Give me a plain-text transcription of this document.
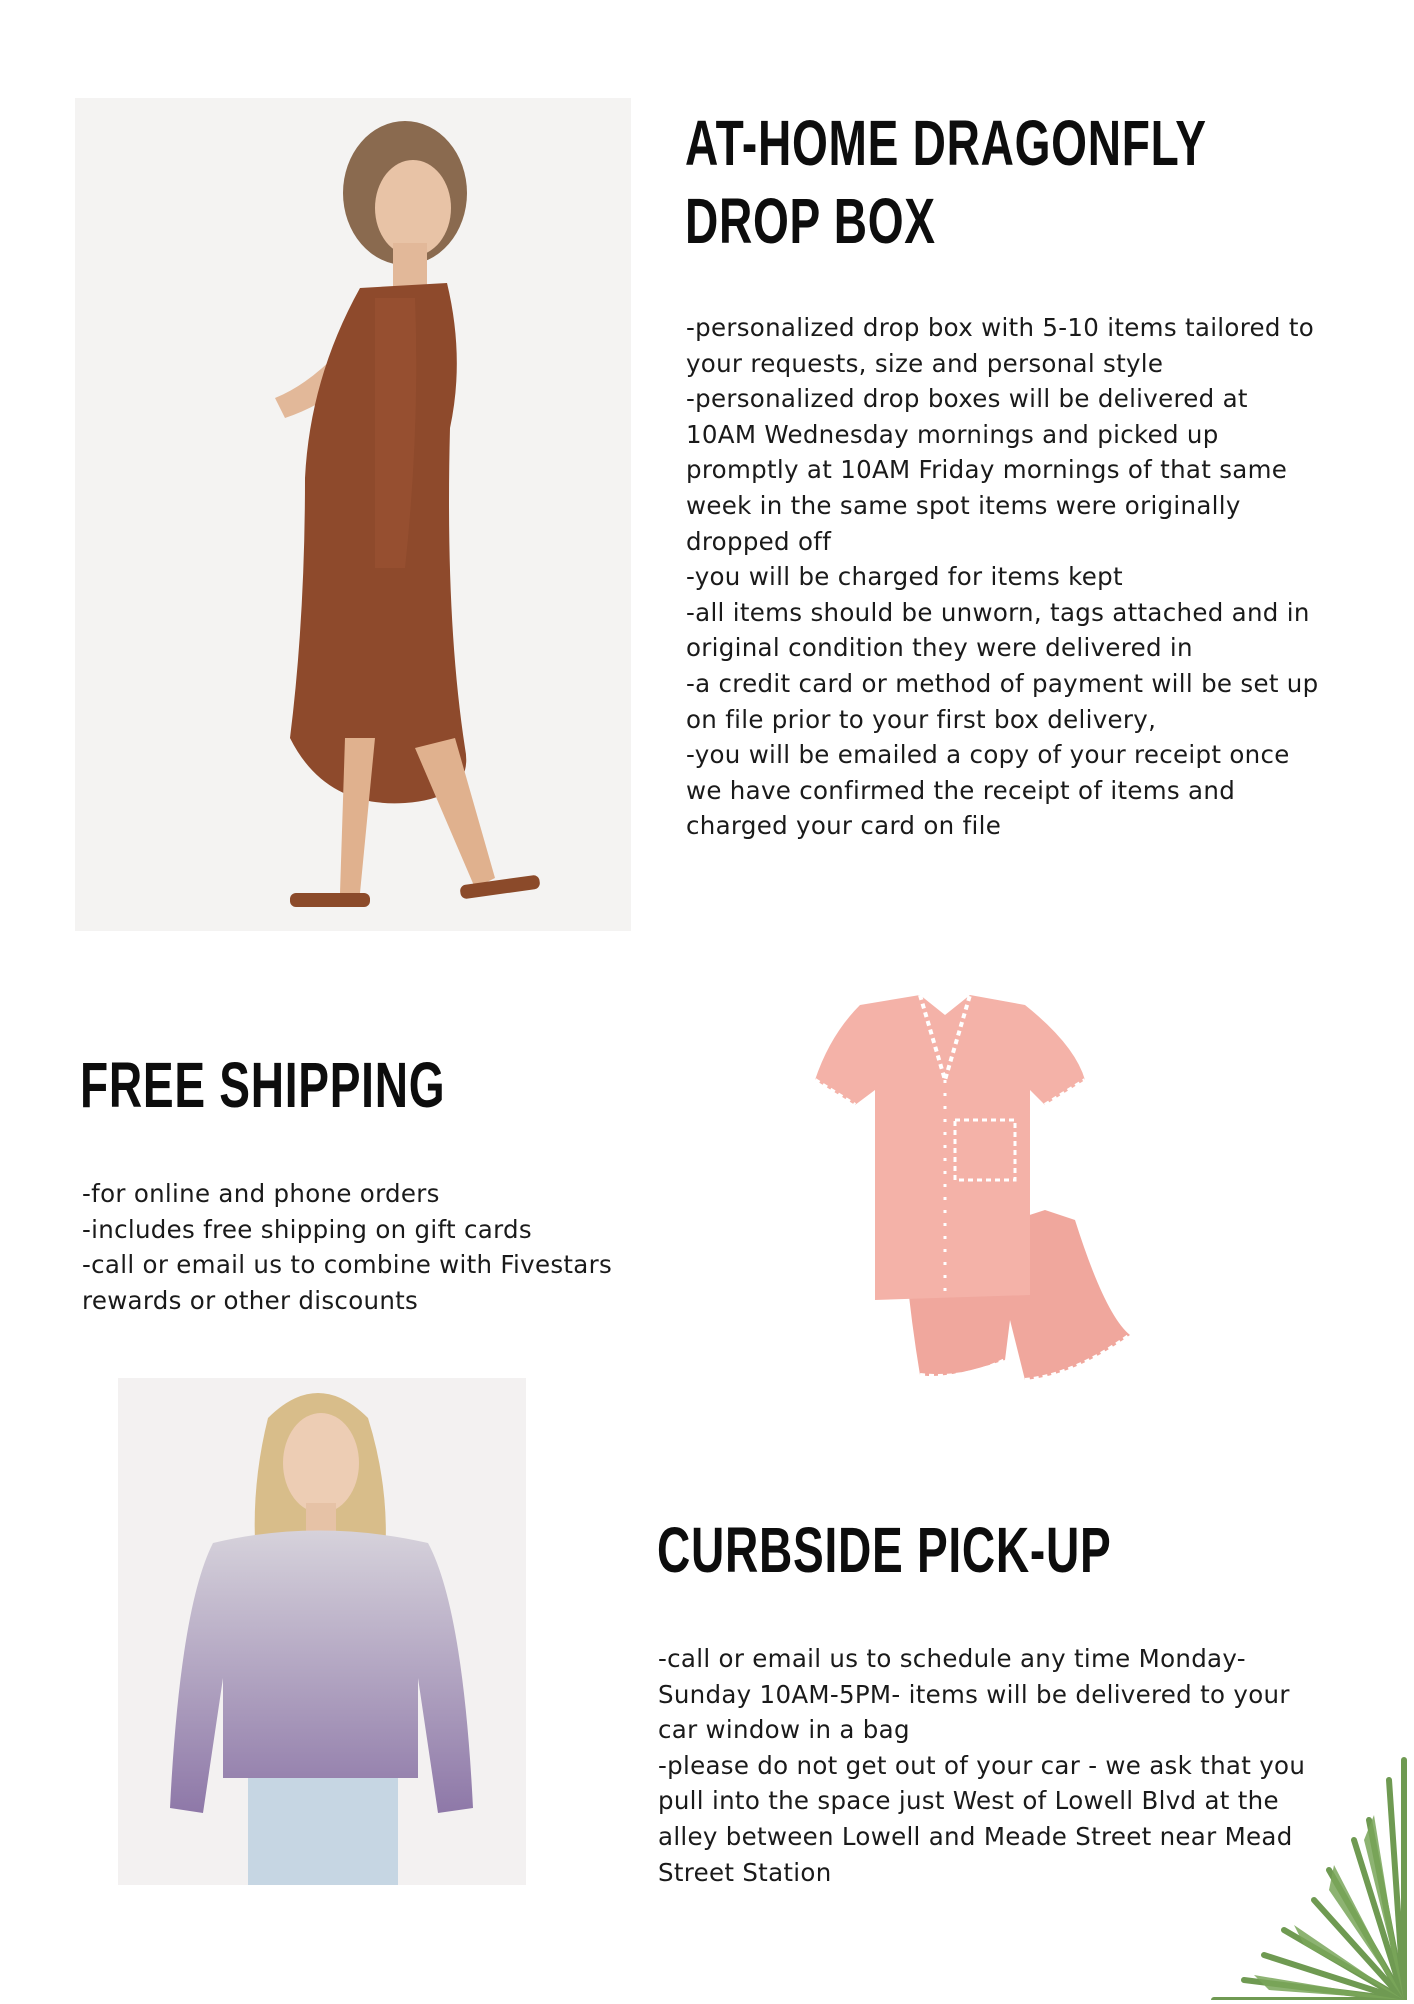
AT-HOME DRAGONFLY
DROP BOX
-personalized drop box with 5-10 items tailored to your requests, size and personal style
-personalized drop boxes will be delivered at 10AM Wednesday mornings and picked up promptly at 10AM Friday mornings of that same week in the same spot items were originally dropped off
-you will be charged for items kept
-all items should be unworn, tags attached and in original condition they were delivered in
-a credit card or method of payment will be set up on file prior to your first box delivery,
-you will be emailed a copy of your receipt once we have confirmed the receipt of items and charged your card on file
FREE SHIPPING
-for online and phone orders
-includes free shipping on gift cards
-call or email us to combine with Fivestars rewards or other discounts
CURBSIDE PICK-UP
-call or email us to schedule any time Monday-Sunday 10AM-5PM- items will be delivered to your car window in a bag
-please do not get out of your car - we ask that you pull into the space just West of Lowell Blvd at the alley between Lowell and Meade Street near Mead Street Station
